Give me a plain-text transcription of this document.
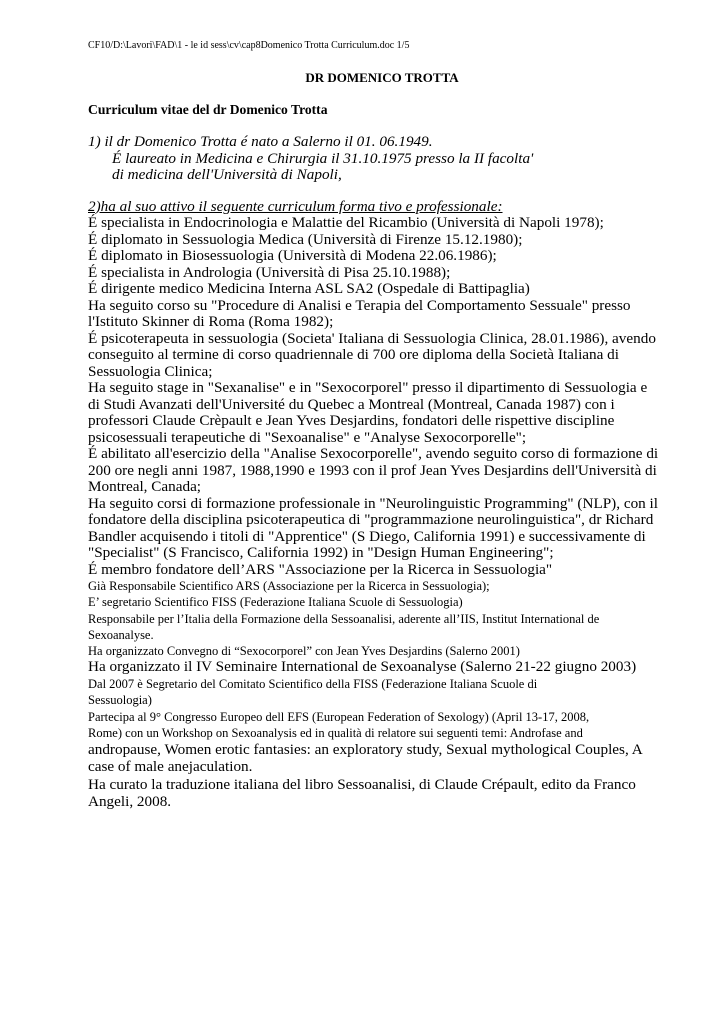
CF10/D:\Lavori\FAD\1 - le id sess\cv\cap8Domenico Trotta Curriculum.doc 1/5
DR DOMENICO TROTTA
Curriculum vitae del dr Domenico Trotta
1) il dr Domenico Trotta é nato a Salerno il 01. 06.1949.
É laureato in Medicina e Chirurgia il 31.10.1975 presso la II facolta'
di medicina dell'Università di Napoli,
2)ha al suo attivo il seguente curriculum forma tivo e professionale:
É specialista in Endocrinologia e Malattie del Ricambio (Università di Napoli 1978);
É diplomato in Sessuologia Medica (Università di Firenze 15.12.1980);
É diplomato in Biosessuologia (Università di Modena 22.06.1986);
É specialista in Andrologia (Università di Pisa 25.10.1988);
É dirigente medico Medicina Interna ASL SA2 (Ospedale di Battipaglia)
Ha seguito corso su "Procedure di Analisi e Terapia del Comportamento Sessuale" presso
l'Istituto Skinner di Roma (Roma 1982);
É psicoterapeuta in sessuologia (Societa' Italiana di Sessuologia Clinica, 28.01.1986), avendo
conseguito al termine di corso quadriennale di 700 ore diploma della Società Italiana di
Sessuologia Clinica;
Ha seguito stage in "Sexanalise" e in "Sexocorporel" presso il dipartimento di Sessuologia e
di Studi Avanzati dell'Université du Quebec a Montreal (Montreal, Canada 1987) con i
professori Claude Crèpault e Jean Yves Desjardins, fondatori delle rispettive discipline
psicosessuali terapeutiche di "Sexoanalise" e "Analyse Sexocorporelle";
É abilitato all'esercizio della "Analise Sexocorporelle", avendo seguito corso di formazione di
200 ore negli anni 1987, 1988,1990 e 1993 con il prof Jean Yves Desjardins dell'Università di
Montreal, Canada;
Ha seguito corsi di formazione professionale in "Neurolinguistic Programming" (NLP), con il
fondatore della disciplina psicoterapeutica di "programmazione neurolinguistica", dr Richard
Bandler acquisendo i titoli di "Apprentice" (S Diego, California 1991) e successivamente di
"Specialist" (S Francisco, California 1992) in "Design Human Engineering";
É membro fondatore dell’ARS "Associazione per la Ricerca in Sessuologia"
Già Responsabile Scientifico ARS (Associazione per la Ricerca in Sessuologia);
E’ segretario Scientifico FISS (Federazione Italiana Scuole di Sessuologia)
Responsabile per l’Italia della Formazione della Sessoanalisi, aderente all’IIS, Institut International de
Sexoanalyse.
Ha organizzato Convegno di “Sexocorporel” con Jean Yves Desjardins (Salerno 2001)
Ha organizzato il IV Seminaire International de Sexoanalyse (Salerno 21-22 giugno 2003)
Dal 2007 è Segretario del Comitato Scientifico della FISS (Federazione Italiana Scuole di
Sessuologia)
Partecipa al 9° Congresso Europeo dell EFS (European Federation of Sexology) (April 13-17, 2008,
Rome) con un Workshop on Sexoanalysis ed in qualità di relatore sui seguenti temi: Androfase and
andropause, Women erotic fantasies: an exploratory study, Sexual mythological Couples, A
case of male anejaculation.
Ha curato la traduzione italiana del libro Sessoanalisi, di Claude Crépault, edito da Franco
Angeli, 2008.
